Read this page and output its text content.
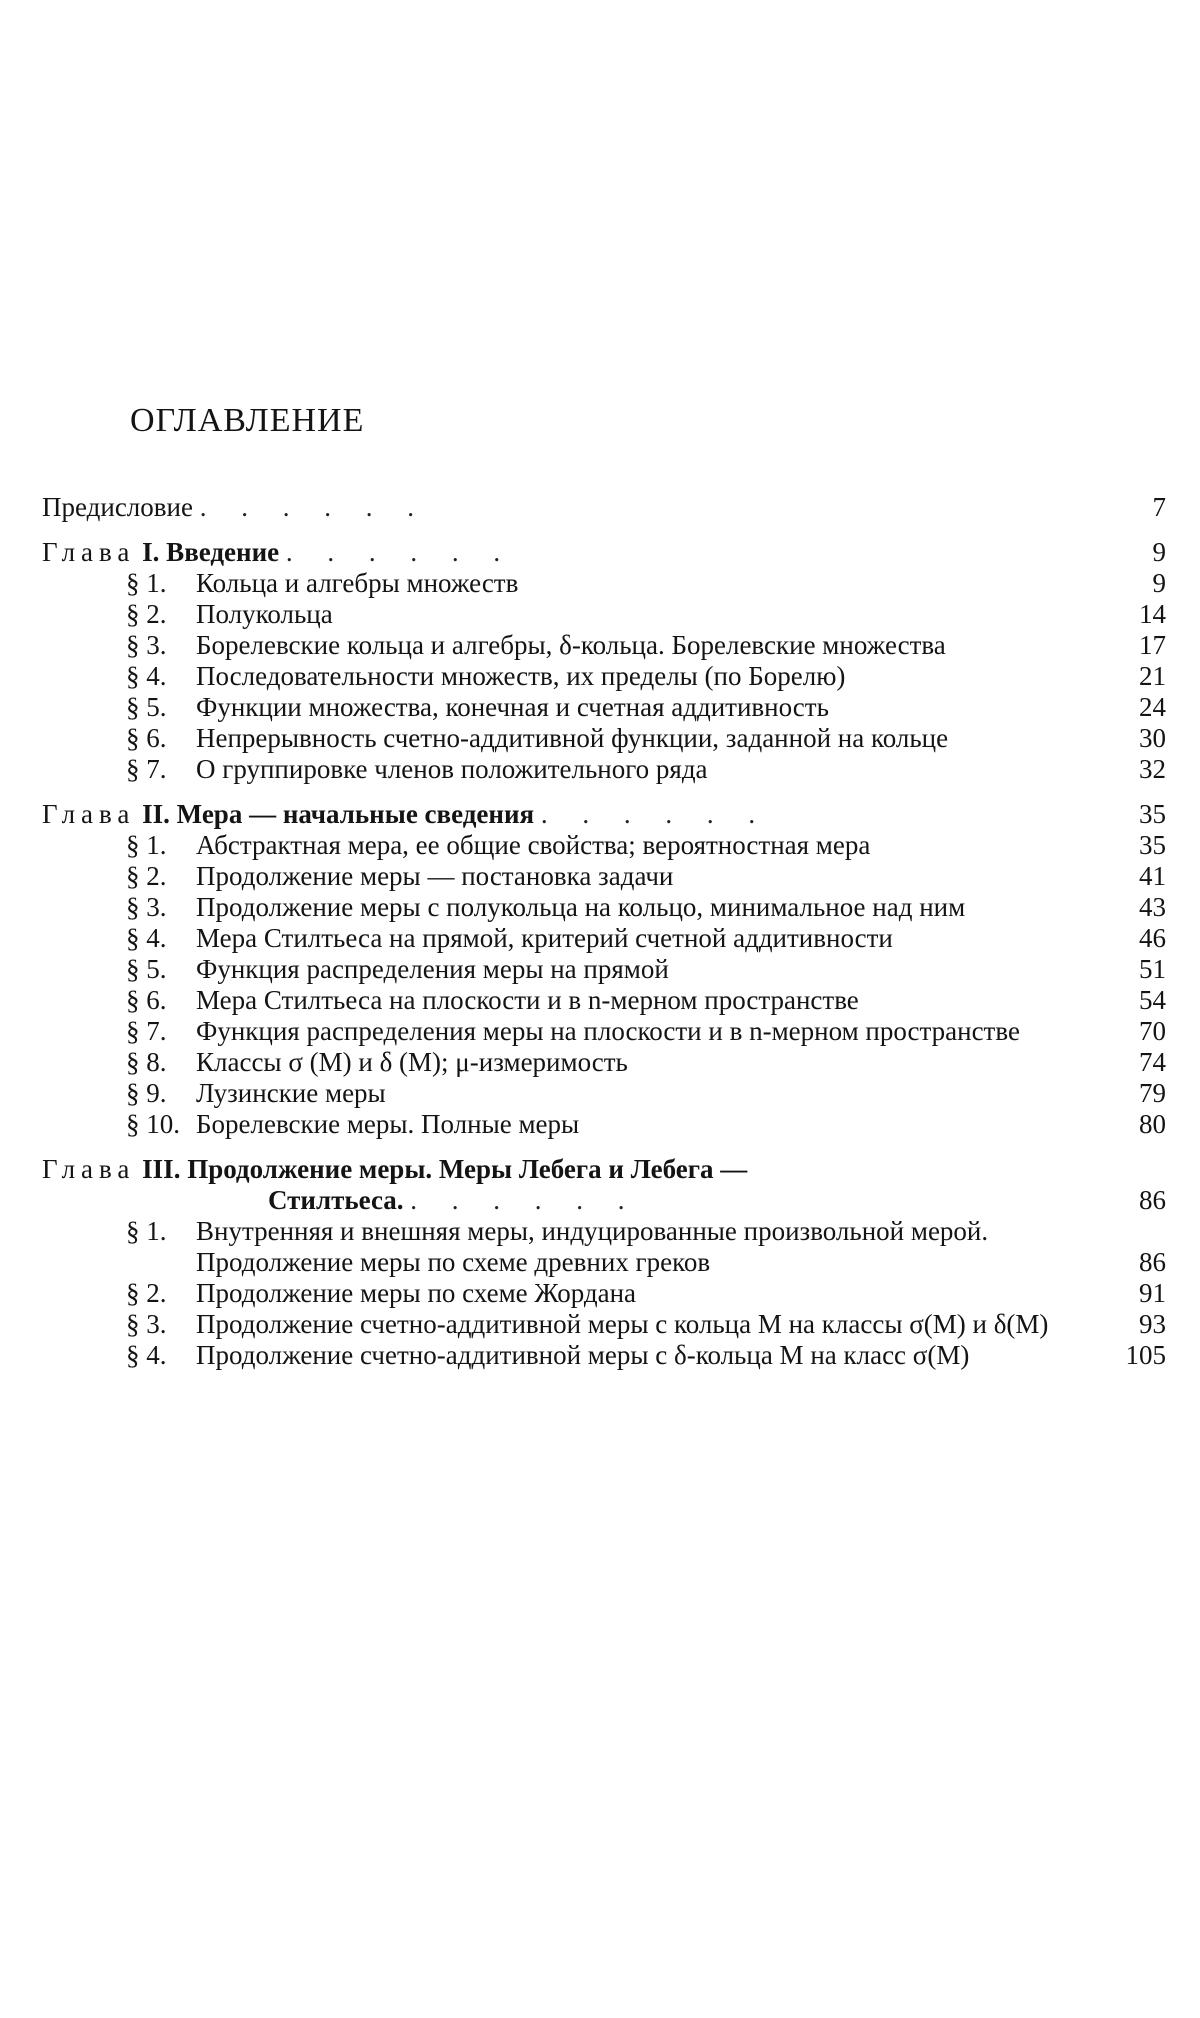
ОГЛАВЛЕНИЕ
Предисловие . . . . . .	7
Глава I. Введение . . . . . .	9
§ 1.	Кольца и алгебры множеств	9
§ 2.	Полукольца	14
§ 3.	Борелевские кольца и алгебры, δ-кольца. Борелевские множества	17
§ 4.	Последовательности множеств, их пределы (по Борелю)	21
§ 5.	Функции множества, конечная и счетная аддитивность	24
§ 6.	Непрерывность счетно-аддитивной функции, заданной на кольце	30
§ 7.	О группировке членов положительного ряда	32
Глава II. Мера — начальные сведения . . . . . .	35
§ 1.	Абстрактная мера, ее общие свойства; вероятностная мера	35
§ 2.	Продолжение меры — постановка задачи	41
§ 3.	Продолжение меры с полукольца на кольцо, минимальное над ним	43
§ 4.	Мера Стилтьеса на прямой, критерий счетной аддитивности	46
§ 5.	Функция распределения меры на прямой	51
§ 6.	Мера Стилтьеса на плоскости и в n-мерном пространстве	54
§ 7.	Функция распределения меры на плоскости и в n-мерном пространстве	70
§ 8.	Классы σ (M) и δ (M); μ-измеримость	74
§ 9.	Лузинские меры	79
§ 10. Борелевские меры. Полные меры	80
Глава III. Продолжение меры. Меры Лебега и Лебега —
Стилтьеса. . . . . . .	86
§ 1.	Внутренняя и внешняя меры, индуцированные произвольной мерой. Продолжение меры по схеме древних греков	86
§ 2.	Продолжение меры по схеме Жордана	91
§ 3.	Продолжение счетно-аддитивной меры с кольца M на классы σ(M) и δ(M)	93
§ 4.	Продолжение счетно-аддитивной меры с δ-кольца M на класс σ(M)	105
